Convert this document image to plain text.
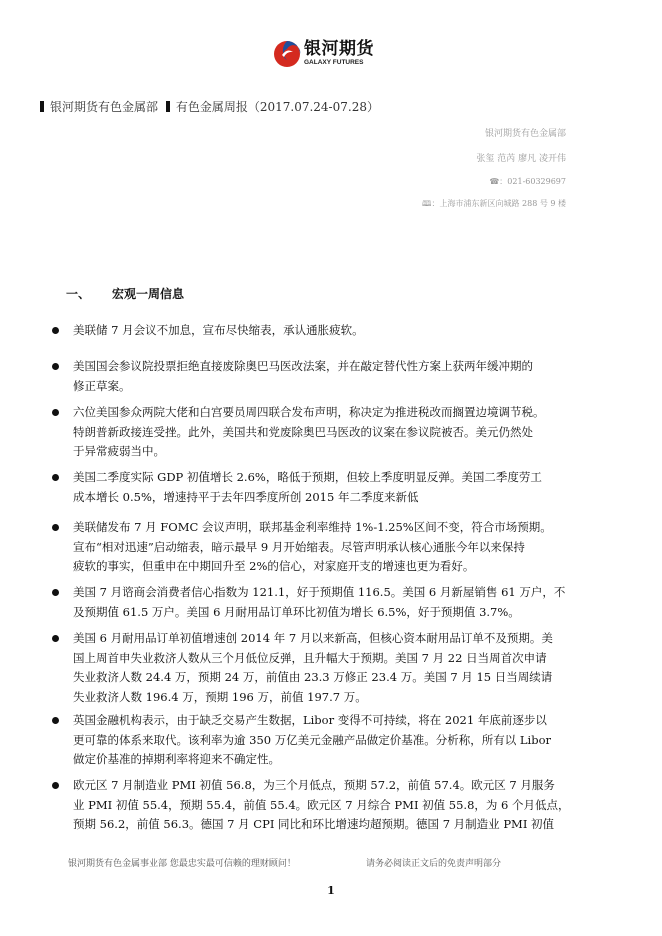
银河期货
GALAXY FUTURES
银河期货有色金属部 有色金属周报（2017.07.24-07.28）
银河期货有色金属部
张玺 范芮 廖凡 凌开伟
☎：021-60329697
🕮：上海市浦东新区向城路 288 号 9 楼
一、 宏观一周信息
美联储 7 月会议不加息，宣布尽快缩表，承认通胀疲软。
美国国会参议院投票拒绝直接废除奥巴马医改法案，并在敲定替代性方案上获两年缓冲期的
修正草案。
六位美国参众两院大佬和白宫要员周四联合发布声明，称决定为推进税改而搁置边境调节税。
特朗普新政接连受挫。此外，美国共和党废除奥巴马医改的议案在参议院被否。美元仍然处
于异常疲弱当中。
美国二季度实际 GDP 初值增长 2.6%，略低于预期，但较上季度明显反弹。美国二季度劳工
成本增长 0.5%，增速持平于去年四季度所创 2015 年二季度来新低
美联储发布 7 月 FOMC 会议声明，联邦基金利率维持 1%-1.25%区间不变，符合市场预期。
宣布“相对迅速”启动缩表，暗示最早 9 月开始缩表。尽管声明承认核心通胀今年以来保持
疲软的事实，但重申在中期回升至 2%的信心，对家庭开支的增速也更为看好。
美国 7 月谘商会消费者信心指数为 121.1，好于预期值 116.5。美国 6 月新屋销售 61 万户，不
及预期值 61.5 万户。美国 6 月耐用品订单环比初值为增长 6.5%，好于预期值 3.7%。
美国 6 月耐用品订单初值增速创 2014 年 7 月以来新高，但核心资本耐用品订单不及预期。美
国上周首申失业救济人数从三个月低位反弹，且升幅大于预期。美国 7 月 22 日当周首次申请
失业救济人数 24.4 万，预期 24 万，前值由 23.3 万修正 23.4 万。美国 7 月 15 日当周续请
失业救济人数 196.4 万，预期 196 万，前值 197.7 万。
英国金融机构表示，由于缺乏交易产生数据，Libor 变得不可持续，将在 2021 年底前逐步以
更可靠的体系来取代。该利率为逾 350 万亿美元金融产品做定价基准。分析称，所有以 Libor
做定价基准的掉期利率将迎来不确定性。
欧元区 7 月制造业 PMI 初值 56.8，为三个月低点，预期 57.2，前值 57.4。欧元区 7 月服务
业 PMI 初值 55.4，预期 55.4，前值 55.4。欧元区 7 月综合 PMI 初值 55.8，为 6 个月低点，
预期 56.2，前值 56.3。德国 7 月 CPI 同比和环比增速均超预期。德国 7 月制造业 PMI 初值
银河期货有色金属事业部 您最忠实最可信赖的理财顾问！	请务必阅读正文后的免责声明部分
1
